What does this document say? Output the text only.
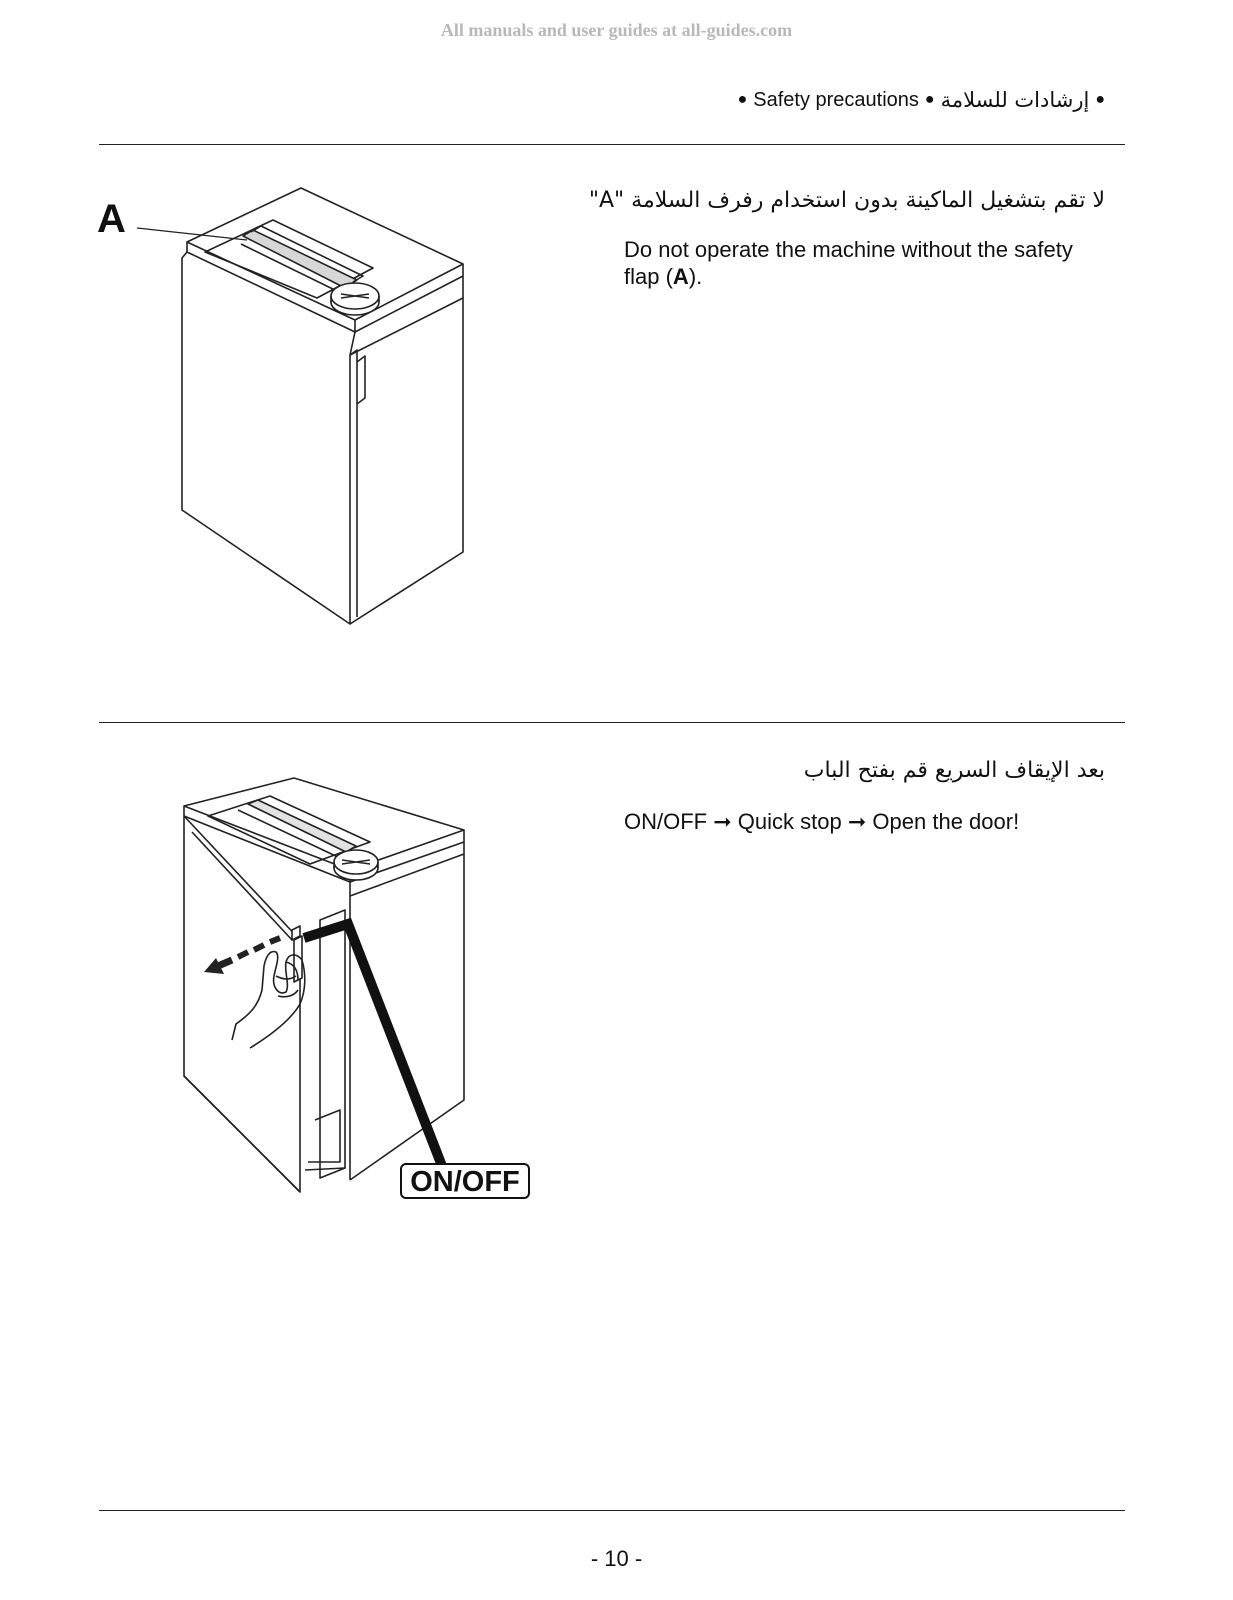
All manuals and user guides at all-guides.com
● Safety precautions ● إرشادات للسلامة ●
A	لا تقم بتشغيل الماكينة بدون استخدام رفرف السلامة "A"
Do not operate the machine without the safety flap (A).
ON/OFF
بعد الإيقاف السريع قم بفتح الباب
ON/OFF ➞ Quick stop ➞ Open the door!
- 10 -
